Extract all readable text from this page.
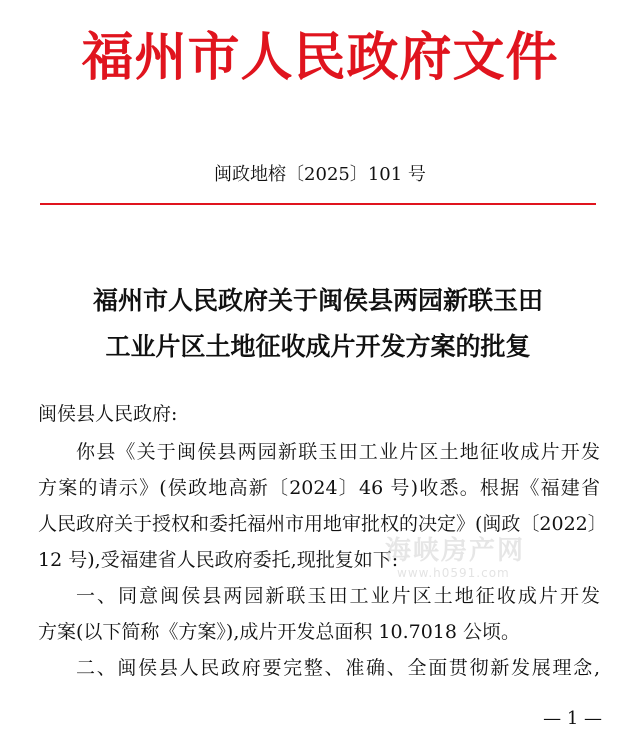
福州市人民政府文件
闽政地榕〔2025〕101 号
福州市人民政府关于闽侯县两园新联玉田
工业片区土地征收成片开发方案的批复
闽侯县人民政府:
你县《关于闽侯县两园新联玉田工业片区土地征收成片开发
方案的请示》(侯政地高新〔2024〕46 号)收悉。根据《福建省
人民政府关于授权和委托福州市用地审批权的决定》(闽政〔2022〕
12 号),受福建省人民政府委托,现批复如下:
一、同意闽侯县两园新联玉田工业片区土地征收成片开发
方案(以下简称《方案》),成片开发总面积 10.7018 公顷。
二、闽侯县人民政府要完整、准确、全面贯彻新发展理念,
海峡房产网
www.h0591.com
— 1 —
